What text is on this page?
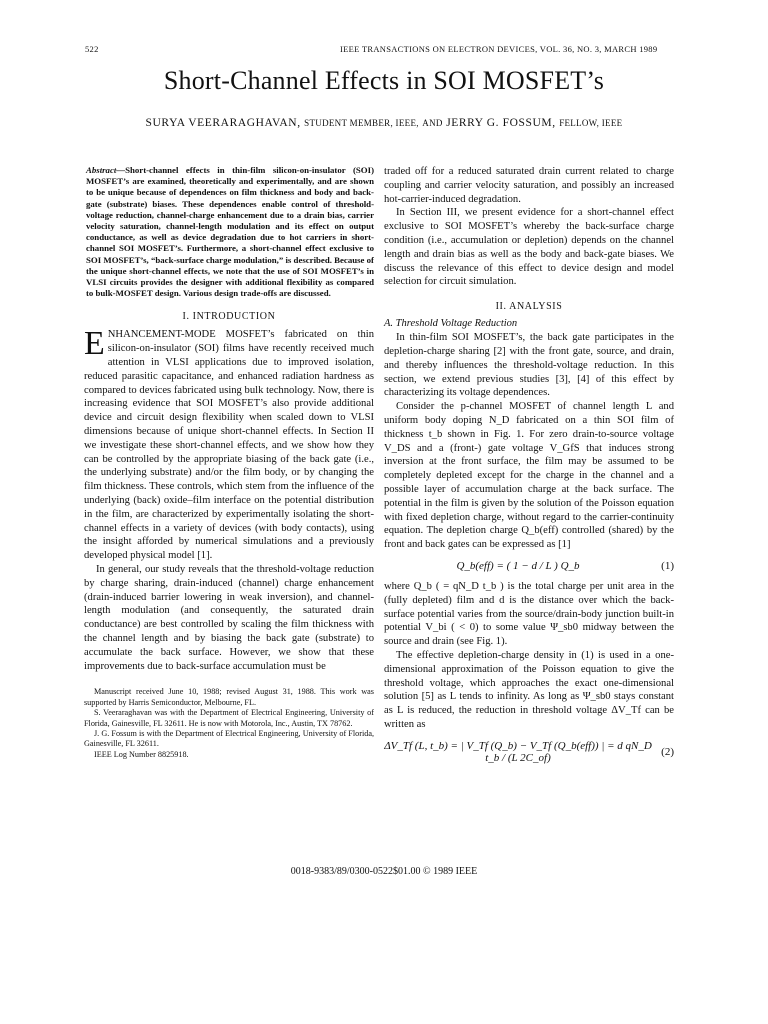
522	IEEE TRANSACTIONS ON ELECTRON DEVICES, VOL. 36, NO. 3, MARCH 1989
Short-Channel Effects in SOI MOSFET’s
SURYA VEERARAGHAVAN, STUDENT MEMBER, IEEE, AND JERRY G. FOSSUM, FELLOW, IEEE

Abstract—Short-channel effects in thin-film silicon-on-insulator (SOI) MOSFET’s are examined, theoretically and experimentally, and are shown to be unique because of dependences on film thickness and body and back-gate (substrate) biases. These dependences enable control of threshold-voltage reduction, channel-charge enhancement due to a drain bias, carrier velocity saturation, channel-length modulation and its effect on output conductance, as well as device degradation due to hot carriers in short-channel SOI MOSFET’s. Furthermore, a short-channel effect exclusive to SOI MOSFET’s, “back-surface charge modulation,” is described. Because of the unique short-channel effects, we note that the use of SOI MOSFET’s in VLSI circuits provides the designer with additional flexibility as compared to bulk-MOSFET design. Various design trade-offs are discussed.

I. INTRODUCTION
E NHANCEMENT-MODE MOSFET’s fabricated on thin silicon-on-insulator (SOI) films have recently received much attention in VLSI applications due to improved isolation, reduced parasitic capacitance, and enhanced radiation hardness as compared to devices fabricated using bulk technology. Now, there is increasing evidence that SOI MOSFET’s also provide additional device and circuit design flexibility when scaled down to VLSI dimensions because of unique short-channel effects. In Section II we investigate these short-channel effects, and we show how they can be controlled by the appropriate biasing of the back gate (i.e., the underlying substrate) and/or the film body, or by changing the film thickness. These controls, which stem from the influence of the underlying (back) oxide–film interface on the potential distribution in the film, are characterized by experimentally isolating the short-channel effects in a variety of devices (with body contacts), using the insight afforded by numerical simulations and a previously developed physical model [1].

In general, our study reveals that the threshold-voltage reduction by charge sharing, drain-induced (channel) charge enhancement (drain-induced barrier lowering in weak inversion), and channel-length modulation (and consequently, the saturated drain conductance) are best controlled by scaling the film thickness with the channel length and by biasing the back gate (substrate) to accumulate the back surface. However, we show that these improvements due to back-surface accumulation must be

Manuscript received June 10, 1988; revised August 31, 1988. This work was supported by Harris Semiconductor, Melbourne, FL.

S. Veeraraghavan was with the Department of Electrical Engineering, University of Florida, Gainesville, FL 32611. He is now with Motorola, Inc., Austin, TX 78762.

J. G. Fossum is with the Department of Electrical Engineering, University of Florida, Gainesville, FL 32611.

IEEE Log Number 8825918.

traded off for a reduced saturated drain current related to charge coupling and carrier velocity saturation, and possibly an increased hot-carrier-induced degradation.

In Section III, we present evidence for a short-channel effect exclusive to SOI MOSFET’s whereby the back-surface charge condition (i.e., accumulation or depletion) depends on the channel length and drain bias as well as the body and back-gate biases. We discuss the relevance of this effect to device design and model selection for circuit simulation.

II. ANALYSIS
A. Threshold Voltage Reduction

In thin-film SOI MOSFET’s, the back gate participates in the depletion-charge sharing [2] with the front gate, source, and drain, and thereby influences the threshold-voltage reduction. In this section, we extend previous studies [3], [4] of this effect by characterizing its voltage dependences.

Consider the p-channel MOSFET of channel length L and uniform body doping N_D fabricated on a thin SOI film of thickness t_b shown in Fig. 1. For zero drain-to-source voltage V_DS and a (front-) gate voltage V_GfS that induces strong inversion at the front surface, the film may be assumed to be completely depleted except for the charge in the channel and a possible layer of accumulation charge at the back surface. The potential in the film is given by the solution of the Poisson equation with fixed depletion charge, without regard to the carrier-continuity equation. The depletion charge Q_b(eff) controlled (shared) by the front and back gates can be expressed as [1]

Q_b(eff) = ( 1 − d / L ) Q_b	(1)

where Q_b ( = qN_D t_b ) is the total charge per unit area in the (fully depleted) film and d is the distance over which the back-surface potential varies from the source/drain-body junction built-in potential V_bi ( < 0) to some value Ψ_sb0 midway between the source and drain (see Fig. 1).

The effective depletion-charge density in (1) is used in a one-dimensional approximation of the Poisson equation to give the threshold voltage, which approaches the exact one-dimensional solution [5] as L tends to infinity. As long as Ψ_sb0 stays constant as L is reduced, the reduction in threshold voltage ΔV_Tf can be written as

ΔV_Tf (L, t_b) = | V_Tf (Q_b) − V_Tf (Q_b(eff)) | = d qN_D t_b / (L 2C_of)	(2)
0018-9383/89/0300-0522$01.00 © 1989 IEEE
